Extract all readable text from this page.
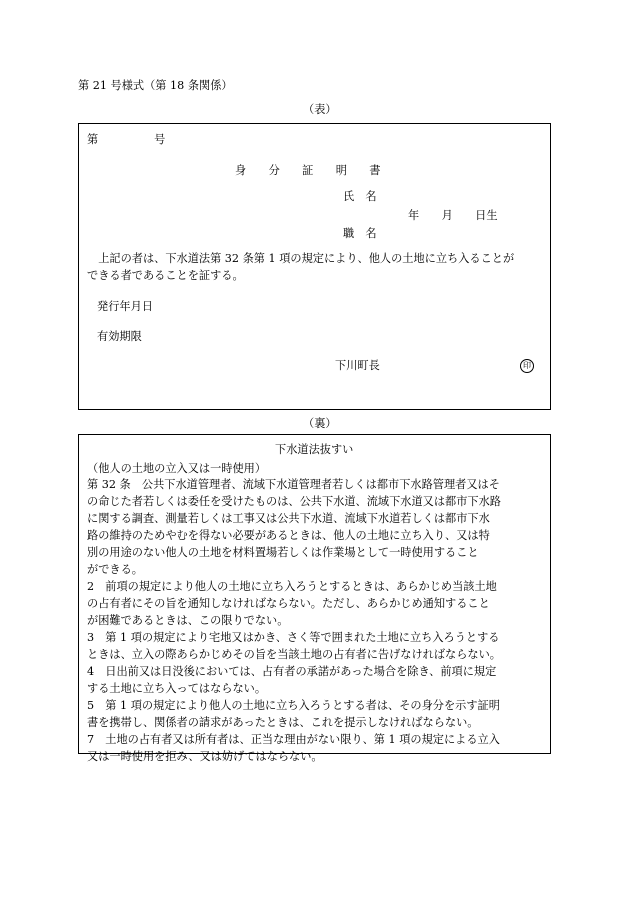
第 21 号様式（第 18 条関係）
（表）
第　　　　　号
身　　分　　証　　明　　書
氏　名
年　　月　　日生
職　名
　上記の者は、下水道法第 32 条第 1 項の規定により、他人の土地に立ち入ることが
できる者であることを証する。
発行年月日
有効期限
下川町長	印
（裏）
下水道法抜すい
（他人の土地の立入又は一時使用）
第 32 条　公共下水道管理者、流域下水道管理者若しくは都市下水路管理者又はそ
の命じた者若しくは委任を受けたものは、公共下水道、流域下水道又は都市下水路
に関する調査、測量若しくは工事又は公共下水道、流域下水道若しくは都市下水
路の維持のためやむを得ない必要があるときは、他人の土地に立ち入り、又は特
別の用途のない他人の土地を材料置場若しくは作業場として一時使用すること
ができる。
2　前項の規定により他人の土地に立ち入ろうとするときは、あらかじめ当該土地
の占有者にその旨を通知しなければならない。ただし、あらかじめ通知すること
が困難であるときは、この限りでない。
3　第 1 項の規定により宅地又はかき、さく等で囲まれた土地に立ち入ろうとする
ときは、立入の際あらかじめその旨を当該土地の占有者に告げなければならない。
4　日出前又は日没後においては、占有者の承諾があった場合を除き、前項に規定
する土地に立ち入ってはならない。
5　第 1 項の規定により他人の土地に立ち入ろうとする者は、その身分を示す証明
書を携帯し、関係者の請求があったときは、これを提示しなければならない。
7　土地の占有者又は所有者は、正当な理由がない限り、第 1 項の規定による立入
又は一時使用を拒み、又は妨げてはならない。
